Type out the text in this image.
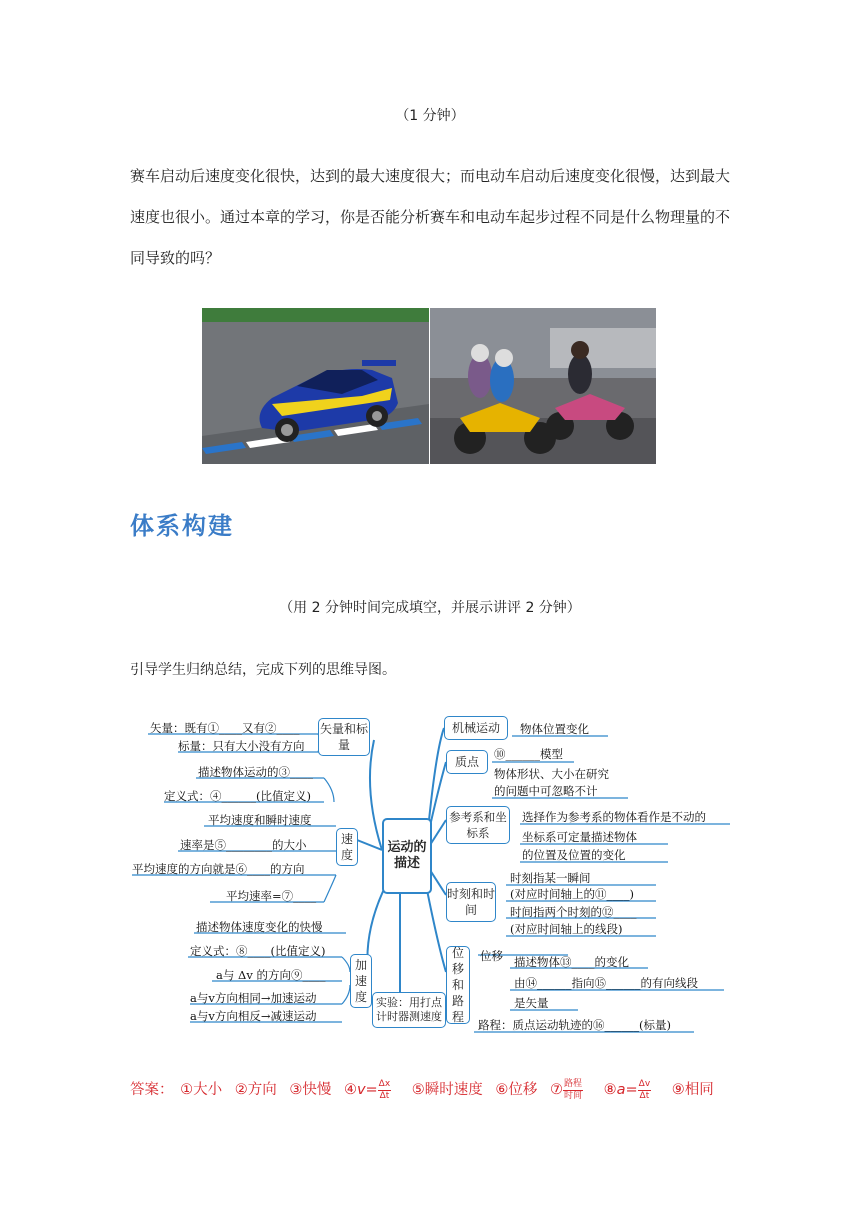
（1 分钟）
赛车启动后速度变化很快，达到的最大速度很大；而电动车启动后速度变化很慢，达到最大速度也很小。通过本章的学习，你是否能分析赛车和电动车起步过程不同是什么物理量的不同导致的吗？
体系构建
（用 2 分钟时间完成填空，并展示讲评 2 分钟）
引导学生归纳总结，完成下列的思维导图。
运动的描述
矢量和标量
速度
加速度 实验：用打点计时器测速度
矢量：既有①____又有②____
标量：只有大小没有方向
描述物体运动的③____
定义式：④______(比值定义)
平均速度和瞬时速度
速率是⑤________的大小
平均速度的方向就是⑥____的方向
平均速率=⑦____
描述物体速度变化的快慢
定义式：⑧____(比值定义)
a与 Δv 的方向⑨____
a与v方向相同→加速运动
a与v方向相反→减速运动
机械运动
质点
参考系和坐标系
时刻和时间
位移和路程
物体位置变化
⑩______模型
物体形状、大小在研究
的问题中可忽略不计
选择作为参考系的物体看作是不动的
坐标系可定量描述物体
的位置及位置的变化
时刻指某一瞬间
(对应时间轴上的⑪____)
时间指两个时刻的⑫____
(对应时间轴上的线段)
位移 描述物体⑬____的变化
由⑭______指向⑮______的有向线段
是矢量
路程：质点运动轨迹的⑯______(标量)
答案： ①大小 ②方向 ③快慢 ④v= $\frac{\Delta x}{\Delta t}$ ⑤瞬时速度 ⑥位移 ⑦ $\frac{\text{路程}}{\text{时间}}$ ⑧a= $\frac{\Delta v}{\Delta t}$ ⑨相同
